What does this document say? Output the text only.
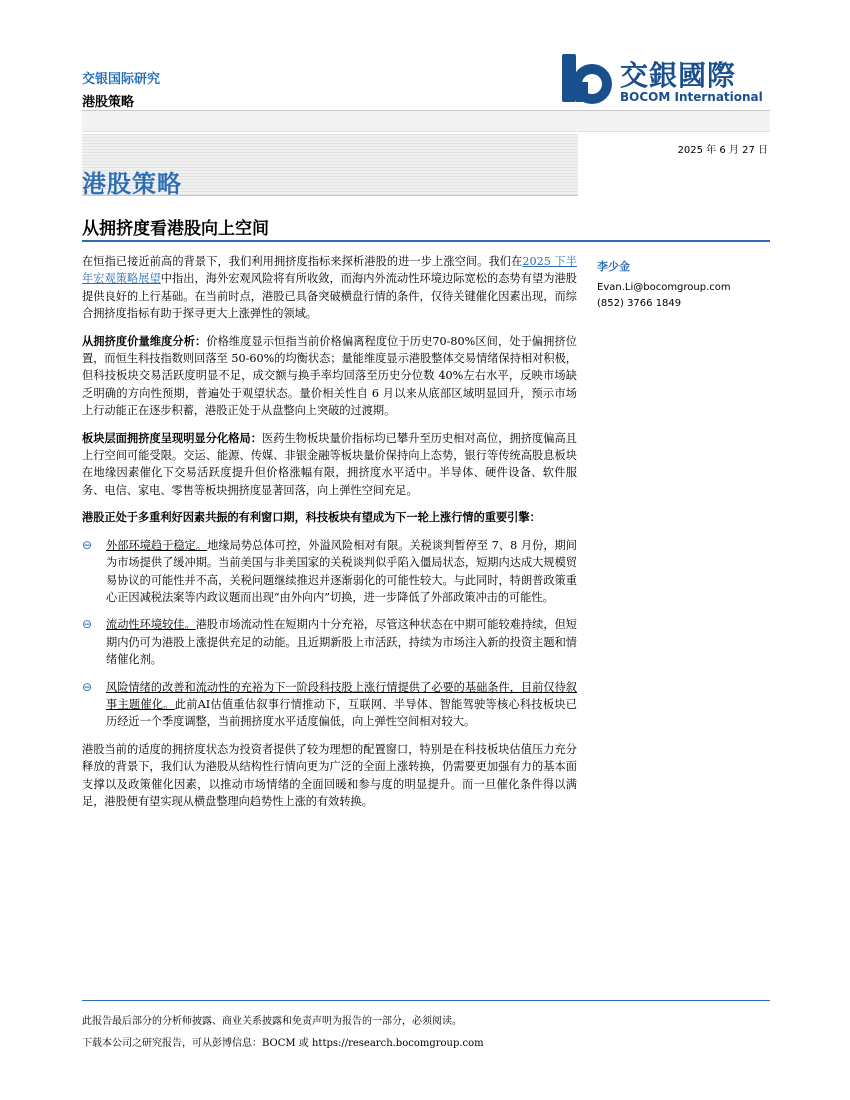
交银国际研究
港股策略
交銀國際
BOCOM International
2025 年 6 月 27 日
港股策略
从拥挤度看港股向上空间

在恒指已接近前高的背景下，我们利用拥挤度指标来探析港股的进一步上涨空间。我们在2025 下半年宏观策略展望中指出，海外宏观风险将有所收敛，而海内外流动性环境边际宽松的态势有望为港股提供良好的上行基础。在当前时点，港股已具备突破横盘行情的条件，仅待关键催化因素出现，而综合拥挤度指标有助于探寻更大上涨弹性的领域。

从拥挤度价量维度分析：价格维度显示恒指当前价格偏离程度位于历史70-80%区间，处于偏拥挤位置，而恒生科技指数则回落至 50-60%的均衡状态；量能维度显示港股整体交易情绪保持相对积极，但科技板块交易活跃度明显不足，成交额与换手率均回落至历史分位数 40%左右水平，反映市场缺乏明确的方向性预期，普遍处于观望状态。量价相关性自 6 月以来从底部区域明显回升，预示市场上行动能正在逐步积蓄，港股正处于从盘整向上突破的过渡期。

板块层面拥挤度呈现明显分化格局：医药生物板块量价指标均已攀升至历史相对高位，拥挤度偏高且上行空间可能受限。交运、能源、传媒、非银金融等板块量价保持向上态势，银行等传统高股息板块在地缘因素催化下交易活跃度提升但价格涨幅有限，拥挤度水平适中。半导体、硬件设备、软件服务、电信、家电、零售等板块拥挤度显著回落，向上弹性空间充足。

港股正处于多重利好因素共振的有利窗口期，科技板块有望成为下一轮上涨行情的重要引擎：
⊖ 外部环境趋于稳定。地缘局势总体可控，外溢风险相对有限。关税谈判暂停至 7、8 月份，期间为市场提供了缓冲期。当前美国与非美国家的关税谈判似乎陷入僵局状态，短期内达成大规模贸易协议的可能性并不高，关税问题继续推迟并逐渐弱化的可能性较大。与此同时，特朗普政策重心正因减税法案等内政议题而出现“由外向内”切换，进一步降低了外部政策冲击的可能性。
⊖ 流动性环境较佳。港股市场流动性在短期内十分充裕，尽管这种状态在中期可能较难持续，但短期内仍可为港股上涨提供充足的动能。且近期新股上市活跃，持续为市场注入新的投资主题和情绪催化剂。
⊖ 风险情绪的改善和流动性的充裕为下一阶段科技股上涨行情提供了必要的基础条件，目前仅待叙事主题催化。此前AI估值重估叙事行情推动下，互联网、半导体、智能驾驶等核心科技板块已历经近一个季度调整，当前拥挤度水平适度偏低，向上弹性空间相对较大。

港股当前的适度的拥挤度状态为投资者提供了较为理想的配置窗口，特别是在科技板块估值压力充分释放的背景下，我们认为港股从结构性行情向更为广泛的全面上涨转换，仍需要更加强有力的基本面支撑以及政策催化因素，以推动市场情绪的全面回暖和参与度的明显提升。而一旦催化条件得以满足，港股便有望实现从横盘整理向趋势性上涨的有效转换。

李少金
Evan.Li@bocomgroup.com
(852) 3766 1849
此报告最后部分的分析师披露、商业关系披露和免责声明为报告的一部分，必须阅读。
下载本公司之研究报告，可从彭博信息：BOCM 或 https://research.bocomgroup.com
